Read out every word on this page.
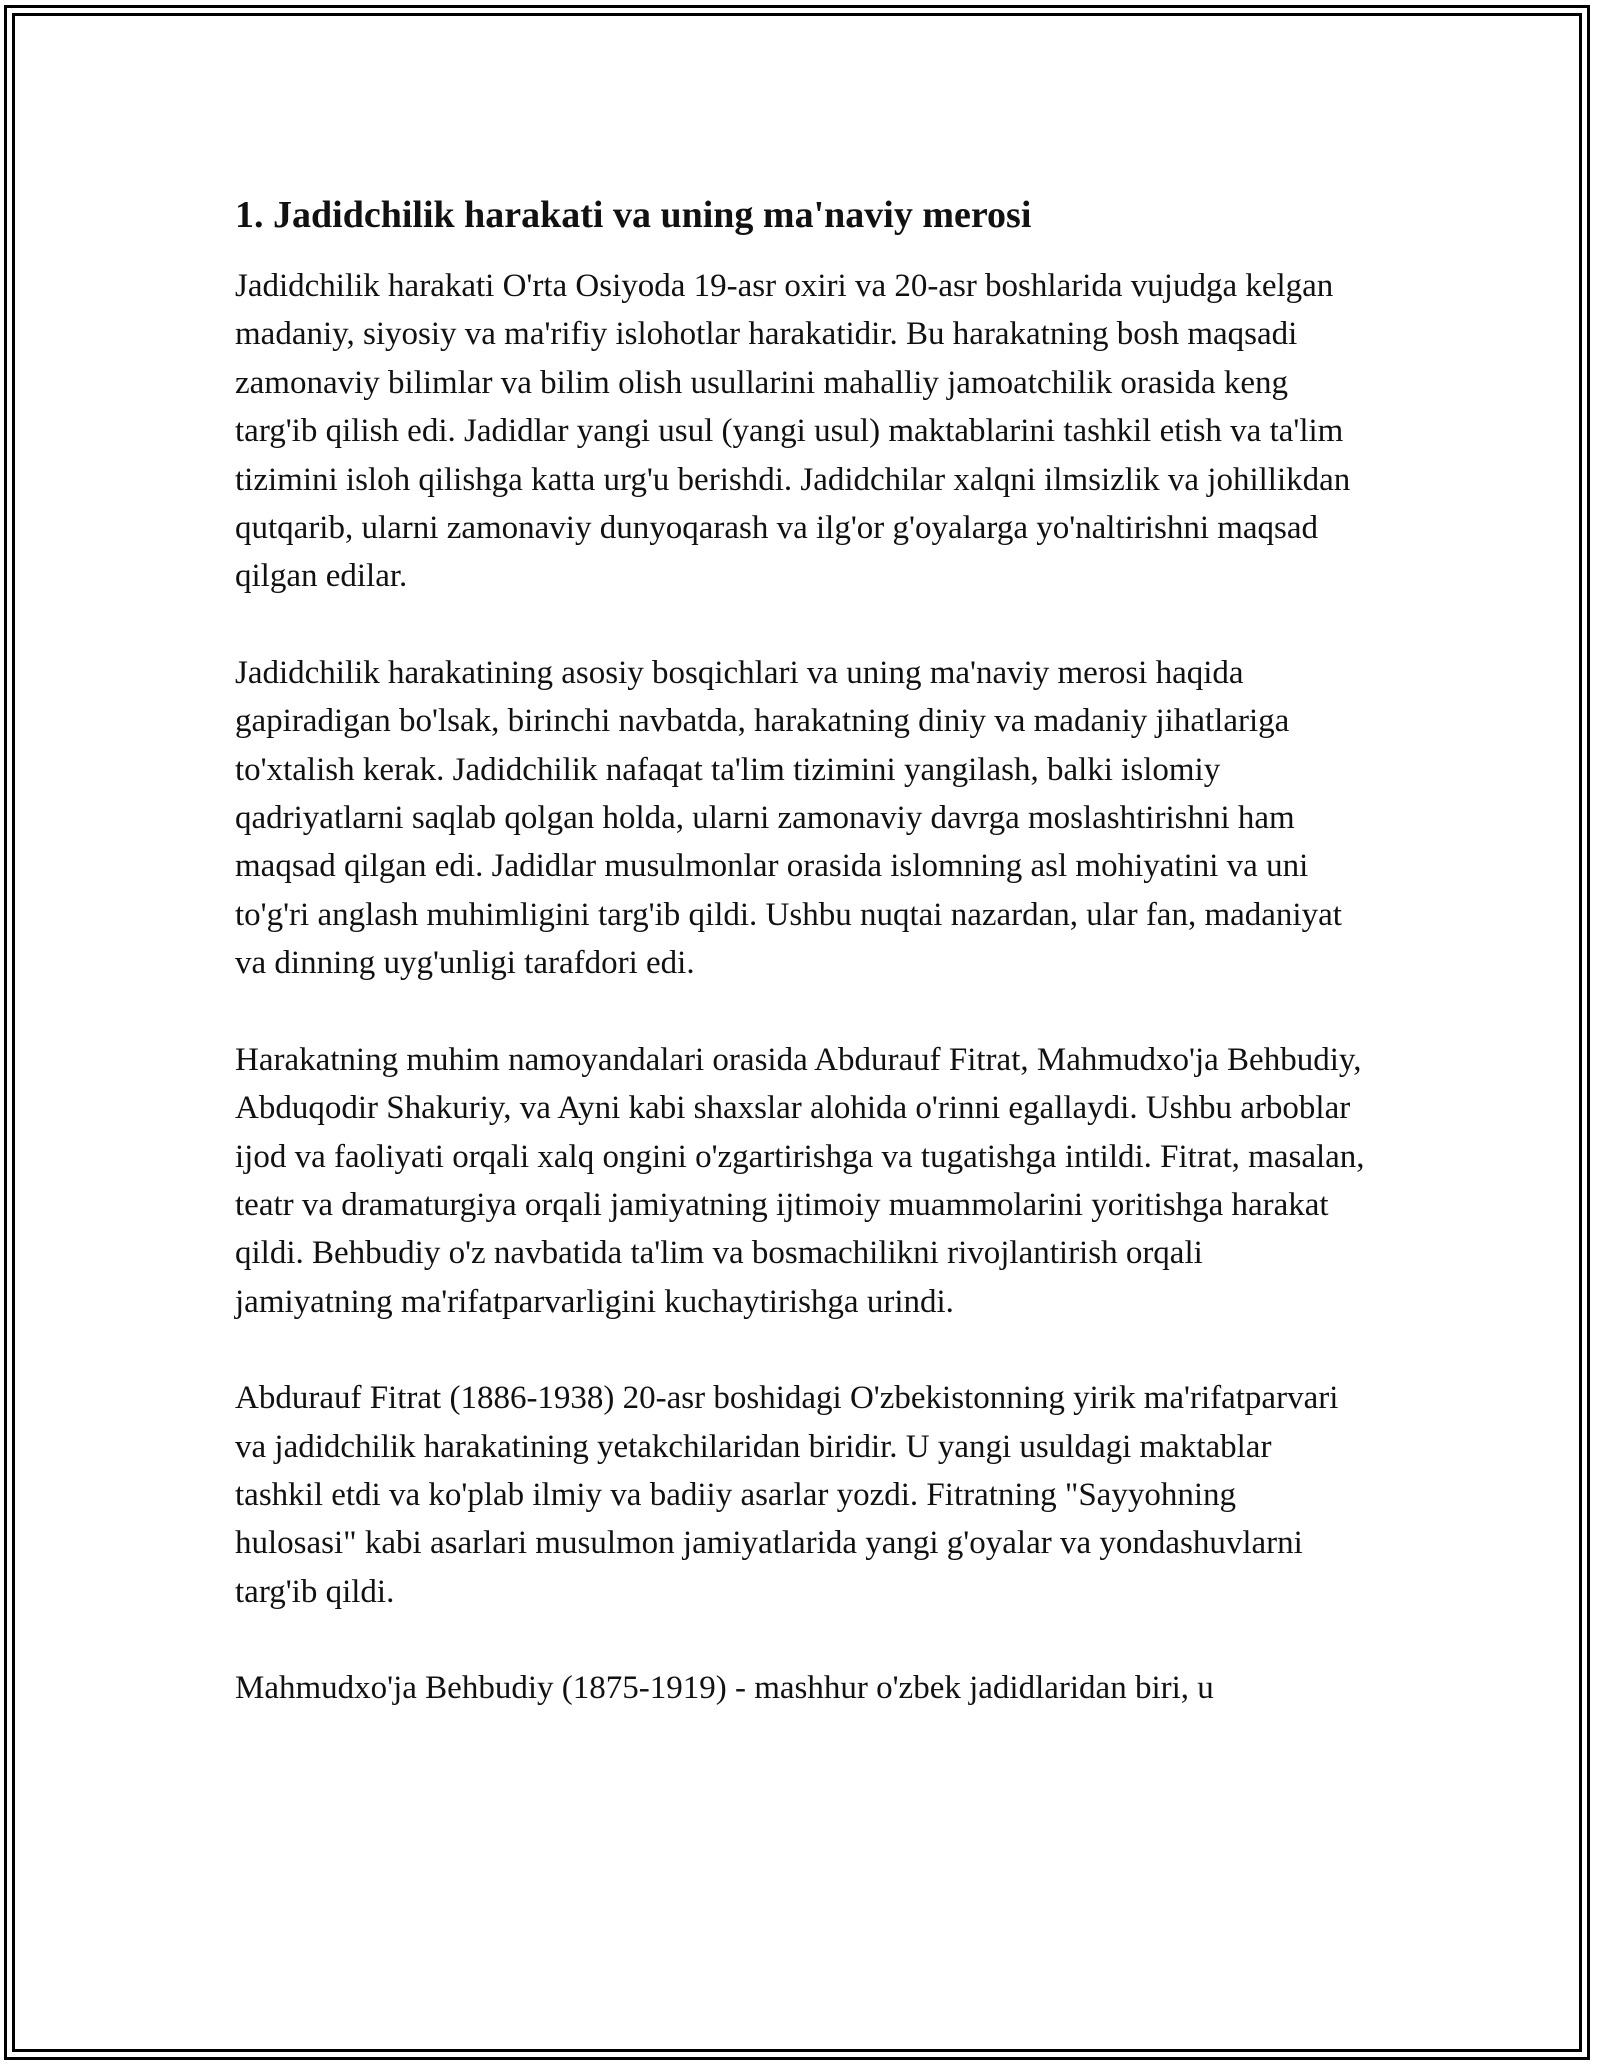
1. Jadidchilik harakati va uning ma'naviy merosi

Jadidchilik harakati O'rta Osiyoda 19-asr oxiri va 20-asr boshlarida vujudga kelgan madaniy, siyosiy va ma'rifiy islohotlar harakatidir. Bu harakatning bosh maqsadi zamonaviy bilimlar va bilim olish usullarini mahalliy jamoatchilik orasida keng targ'ib qilish edi. Jadidlar yangi usul (yangi usul) maktablarini tashkil etish va ta'lim tizimini isloh qilishga katta urg'u berishdi. Jadidchilar xalqni ilmsizlik va johillikdan qutqarib, ularni zamonaviy dunyoqarash va ilg'or g'oyalarga yo'naltirishni maqsad qilgan edilar.

Jadidchilik harakatining asosiy bosqichlari va uning ma'naviy merosi haqida gapiradigan bo'lsak, birinchi navbatda, harakatning diniy va madaniy jihatlariga to'xtalish kerak. Jadidchilik nafaqat ta'lim tizimini yangilash, balki islomiy qadriyatlarni saqlab qolgan holda, ularni zamonaviy davrga moslashtirishni ham maqsad qilgan edi. Jadidlar musulmonlar orasida islomning asl mohiyatini va uni to'g'ri anglash muhimligini targ'ib qildi. Ushbu nuqtai nazardan, ular fan, madaniyat va dinning uyg'unligi tarafdori edi.

Harakatning muhim namoyandalari orasida Abdurauf Fitrat, Mahmudxo'ja Behbudiy, Abduqodir Shakuriy, va Ayni kabi shaxslar alohida o'rinni egallaydi. Ushbu arboblar ijod va faoliyati orqali xalq ongini o'zgartirishga va tugatishga intildi. Fitrat, masalan, teatr va dramaturgiya orqali jamiyatning ijtimoiy muammolarini yoritishga harakat qildi. Behbudiy o'z navbatida ta'lim va bosmachilikni rivojlantirish orqali jamiyatning ma'rifatparvarligini kuchaytirishga urindi.

Abdurauf Fitrat (1886-1938) 20-asr boshidagi O'zbekistonning yirik ma'rifatparvari va jadidchilik harakatining yetakchilaridan biridir. U yangi usuldagi maktablar tashkil etdi va ko'plab ilmiy va badiiy asarlar yozdi. Fitratning "Sayyohning hulosasi" kabi asarlari musulmon jamiyatlarida yangi g'oyalar va yondashuvlarni targ'ib qildi.

Mahmudxo'ja Behbudiy (1875-1919) - mashhur o'zbek jadidlaridan biri, u
